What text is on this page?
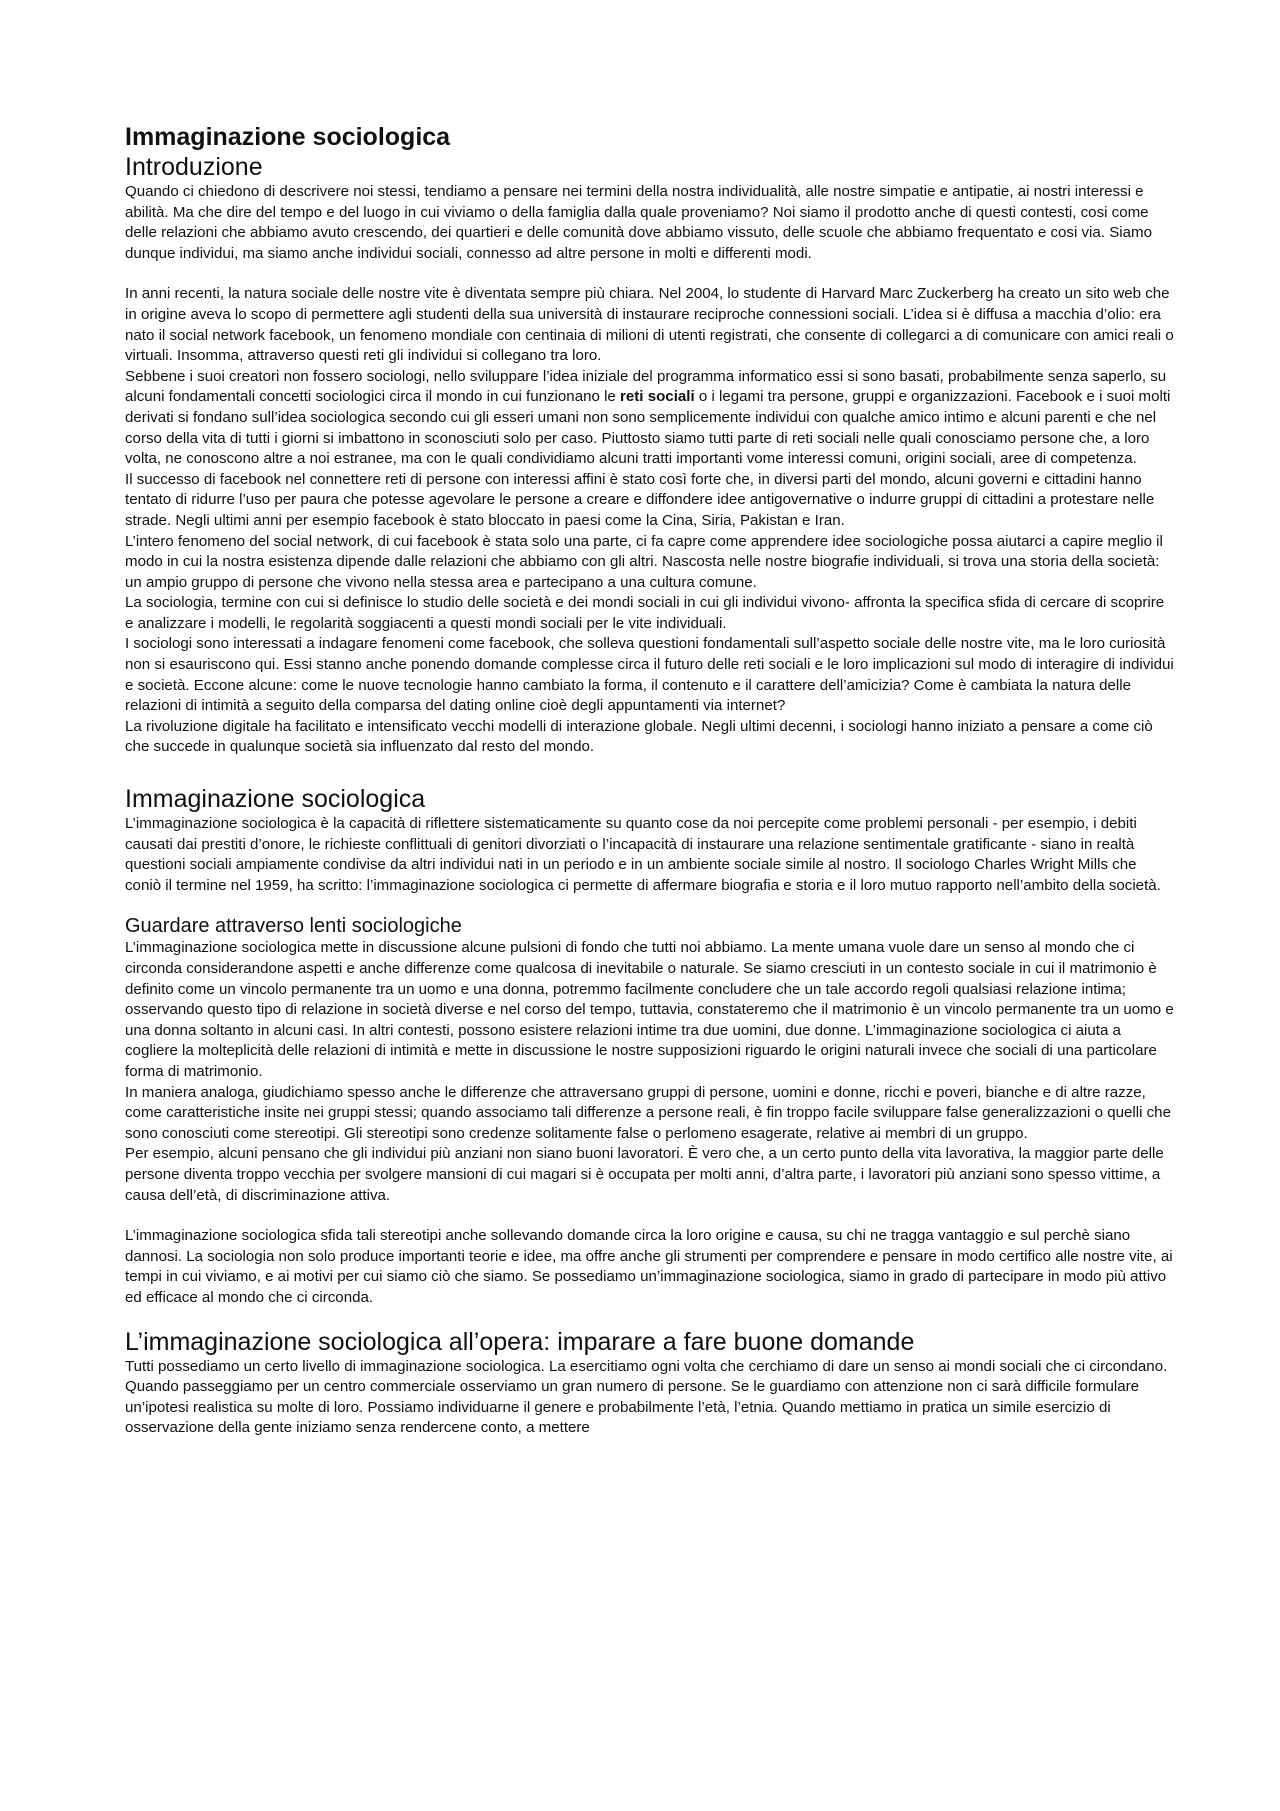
Immaginazione sociologica
Introduzione

Quando ci chiedono di descrivere noi stessi, tendiamo a pensare nei termini della nostra individualità, alle nostre simpatie e antipatie, ai nostri interessi e abilità. Ma che dire del tempo e del luogo in cui viviamo o della famiglia dalla quale proveniamo? Noi siamo il prodotto anche di questi contesti, cosi come delle relazioni che abbiamo avuto crescendo, dei quartieri e delle comunità dove abbiamo vissuto, delle scuole che abbiamo frequentato e cosi via. Siamo dunque individui, ma siamo anche individui sociali, connesso ad altre persone in molti e differenti modi.

In anni recenti, la natura sociale delle nostre vite è diventata sempre più chiara. Nel 2004, lo studente di Harvard Marc Zuckerberg ha creato un sito web che in origine aveva lo scopo di permettere agli studenti della sua università di instaurare reciproche connessioni sociali. L’idea si è diffusa a macchia d’olio: era nato il social network facebook, un fenomeno mondiale con centinaia di milioni di utenti registrati, che consente di collegarci a di comunicare con amici reali o virtuali. Insomma, attraverso questi reti gli individui si collegano tra loro.

Sebbene i suoi creatori non fossero sociologi, nello sviluppare l’idea iniziale del programma informatico essi si sono basati, probabilmente senza saperlo, su alcuni fondamentali concetti sociologici circa il mondo in cui funzionano le reti sociali o i legami tra persone, gruppi e organizzazioni. Facebook e i suoi molti derivati si fondano sull’idea sociologica secondo cui gli esseri umani non sono semplicemente individui con qualche amico intimo e alcuni parenti e che nel corso della vita di tutti i giorni si imbattono in sconosciuti solo per caso. Piuttosto siamo tutti parte di reti sociali nelle quali conosciamo persone che, a loro volta, ne conoscono altre a noi estranee, ma con le quali condividiamo alcuni tratti importanti vome interessi comuni, origini sociali, aree di competenza.

Il successo di facebook nel connettere reti di persone con interessi affini è stato così forte che, in diversi parti del mondo, alcuni governi e cittadini hanno tentato di ridurre l’uso per paura che potesse agevolare le persone a creare e diffondere idee antigovernative o indurre gruppi di cittadini a protestare nelle strade. Negli ultimi anni per esempio facebook è stato bloccato in paesi come la Cina, Siria, Pakistan e Iran.

L’intero fenomeno del social network, di cui facebook è stata solo una parte, ci fa capre come apprendere idee sociologiche possa aiutarci a capire meglio il modo in cui la nostra esistenza dipende dalle relazioni che abbiamo con gli altri. Nascosta nelle nostre biografie individuali, si trova una storia della società: un ampio gruppo di persone che vivono nella stessa area e partecipano a una cultura comune.

La sociologia, termine con cui si definisce lo studio delle società e dei mondi sociali in cui gli individui vivono- affronta la specifica sfida di cercare di scoprire e analizzare i modelli, le regolarità soggiacenti a questi mondi sociali per le vite individuali.

I sociologi sono interessati a indagare fenomeni come facebook, che solleva questioni fondamentali sull’aspetto sociale delle nostre vite, ma le loro curiosità non si esauriscono qui. Essi stanno anche ponendo domande complesse circa il futuro delle reti sociali e le loro implicazioni sul modo di interagire di individui e società. Eccone alcune: come le nuove tecnologie hanno cambiato la forma, il contenuto e il carattere dell’amicizia? Come è cambiata la natura delle relazioni di intimità a seguito della comparsa del dating online cioè degli appuntamenti via internet?

La rivoluzione digitale ha facilitato e intensificato vecchi modelli di interazione globale. Negli ultimi decenni, i sociologi hanno iniziato a pensare a come ciò che succede in qualunque società sia influenzato dal resto del mondo.

Immaginazione sociologica

L’immaginazione sociologica è la capacità di riflettere sistematicamente su quanto cose da noi percepite come problemi personali - per esempio, i debiti causati dai prestiti d’onore, le richieste conflittuali di genitori divorziati o l’incapacità di instaurare una relazione sentimentale gratificante - siano in realtà questioni sociali ampiamente condivise da altri individui nati in un periodo e in un ambiente sociale simile al nostro. Il sociologo Charles Wright Mills che coniò il termine nel 1959, ha scritto: l’immaginazione sociologica ci permette di affermare biografia e storia e il loro mutuo rapporto nell’ambito della società.

Guardare attraverso lenti sociologiche

L’immaginazione sociologica mette in discussione alcune pulsioni di fondo che tutti noi abbiamo. La mente umana vuole dare un senso al mondo che ci circonda considerandone aspetti e anche differenze come qualcosa di inevitabile o naturale. Se siamo cresciuti in un contesto sociale in cui il matrimonio è definito come un vincolo permanente tra un uomo e una donna, potremmo facilmente concludere che un tale accordo regoli qualsiasi relazione intima; osservando questo tipo di relazione in società diverse e nel corso del tempo, tuttavia, constateremo che il matrimonio è un vincolo permanente tra un uomo e una donna soltanto in alcuni casi. In altri contesti, possono esistere relazioni intime tra due uomini, due donne. L’immaginazione sociologica ci aiuta a cogliere la molteplicità delle relazioni di intimità e mette in discussione le nostre supposizioni riguardo le origini naturali invece che sociali di una particolare forma di matrimonio.

In maniera analoga, giudichiamo spesso anche le differenze che attraversano gruppi di persone, uomini e donne, ricchi e poveri, bianche e di altre razze, come caratteristiche insite nei gruppi stessi; quando associamo tali differenze a persone reali, è fin troppo facile sviluppare false generalizzazioni o quelli che sono conosciuti come stereotipi. Gli stereotipi sono credenze solitamente false o perlomeno esagerate, relative ai membri di un gruppo.

Per esempio, alcuni pensano che gli individui più anziani non siano buoni lavoratori. È vero che, a un certo punto della vita lavorativa, la maggior parte delle persone diventa troppo vecchia per svolgere mansioni di cui magari si è occupata per molti anni, d’altra parte, i lavoratori più anziani sono spesso vittime, a causa dell’età, di discriminazione attiva.

L’immaginazione sociologica sfida tali stereotipi anche sollevando domande circa la loro origine e causa, su chi ne tragga vantaggio e sul perchè siano dannosi. La sociologia non solo produce importanti teorie e idee, ma offre anche gli strumenti per comprendere e pensare in modo certifico alle nostre vite, ai tempi in cui viviamo, e ai motivi per cui siamo ciò che siamo. Se possediamo un’immaginazione sociologica, siamo in grado di partecipare in modo più attivo ed efficace al mondo che ci circonda.

L’immaginazione sociologica all’opera: imparare a fare buone domande

Tutti possediamo un certo livello di immaginazione sociologica. La esercitiamo ogni volta che cerchiamo di dare un senso ai mondi sociali che ci circondano. Quando passeggiamo per un centro commerciale osserviamo un gran numero di persone. Se le guardiamo con attenzione non ci sarà difficile formulare un’ipotesi realistica su molte di loro. Possiamo individuarne il genere e probabilmente l’età, l’etnia. Quando mettiamo in pratica un simile esercizio di osservazione della gente iniziamo senza rendercene conto, a mettere
